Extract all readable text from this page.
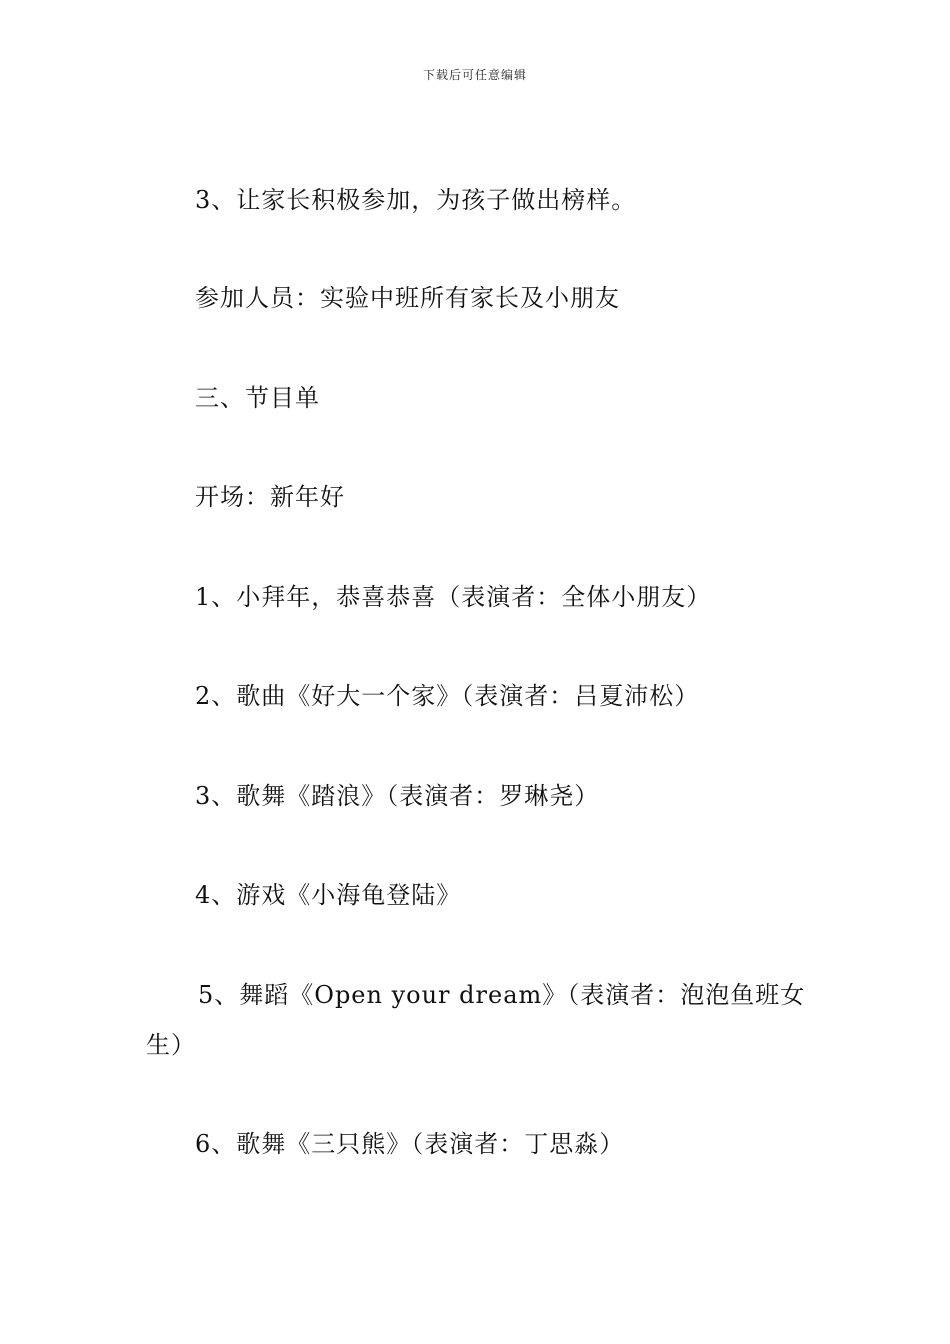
下载后可任意编辑
3、让家长积极参加，为孩子做出榜样。
参加人员：实验中班所有家长及小朋友
三、节目单
开场：新年好
1、小拜年，恭喜恭喜（表演者：全体小朋友）
2、歌曲《好大一个家》（表演者：吕夏沛松）
3、歌舞《踏浪》（表演者：罗琳尧）
4、游戏《小海龟登陆》
5、舞蹈《Open your dream》（表演者：泡泡鱼班女
生）
6、歌舞《三只熊》（表演者：丁思淼）
